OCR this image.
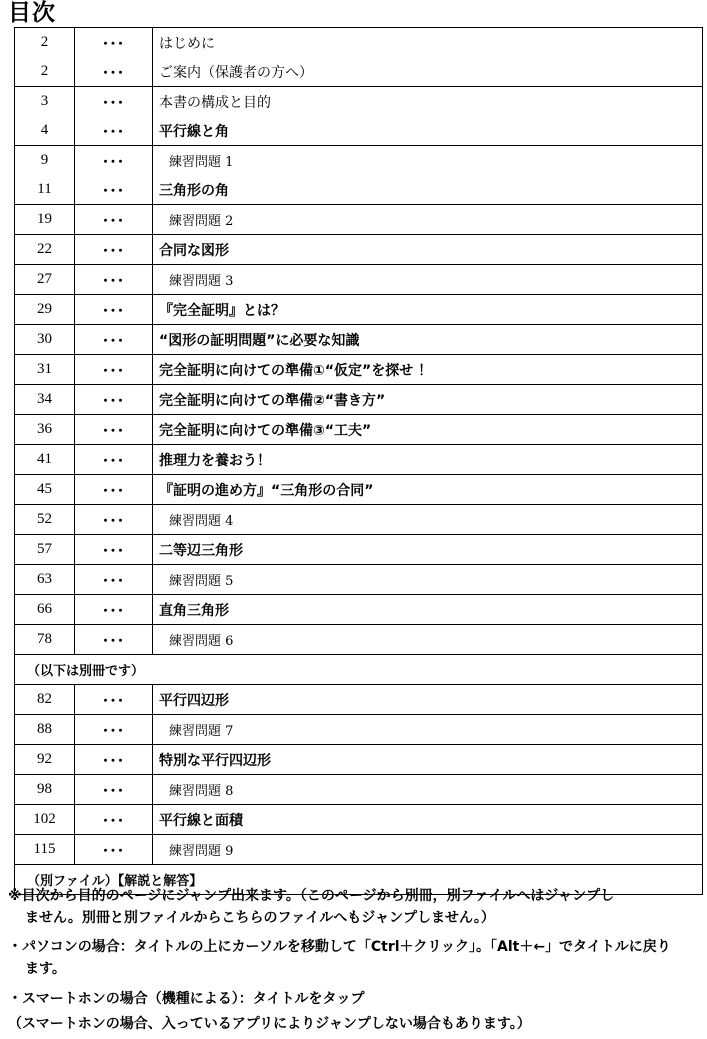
目次
2	･･･	はじめに
2	･･･	ご案内（保護者の方へ）
3	･･･	本書の構成と目的
4	･･･	平行線と角
9	･･･	練習問題 1
11	･･･	三角形の角
19	･･･	練習問題 2
22	･･･	合同な図形
27	･･･	練習問題 3
29	･･･	『完全証明』とは？
30	･･･	“図形の証明問題”に必要な知識
31	･･･	完全証明に向けての準備①“仮定”を探せ ！
34	･･･	完全証明に向けての準備②“書き方”
36	･･･	完全証明に向けての準備③“工夫”
41	･･･	推理力を養おう！
45	･･･	『証明の進め方』“三角形の合同”
52	･･･	練習問題 4
57	･･･	二等辺三角形
63	･･･	練習問題 5
66	･･･	直角三角形
78	･･･	練習問題 6
（以下は別冊です）		
82	･･･	平行四辺形
88	･･･	練習問題 7
92	･･･	特別な平行四辺形
98	･･･	練習問題 8
102	･･･	平行線と面積
115	･･･	練習問題 9
（別ファイル）【解説と解答】		
※目次から目的のページにジャンプ出来ます。（このページから別冊，別ファイルへはジャンプし
ません。別冊と別ファイルからこちらのファイルへもジャンプしません。）
・パソコンの場合：タイトルの上にカーソルを移動して「Ctrl＋クリック」。「Alt＋←」でタイトルに戻り
ます。
・スマートホンの場合（機種による）：タイトルをタップ
（スマートホンの場合、入っているアプリによりジャンプしない場合もあります。）
